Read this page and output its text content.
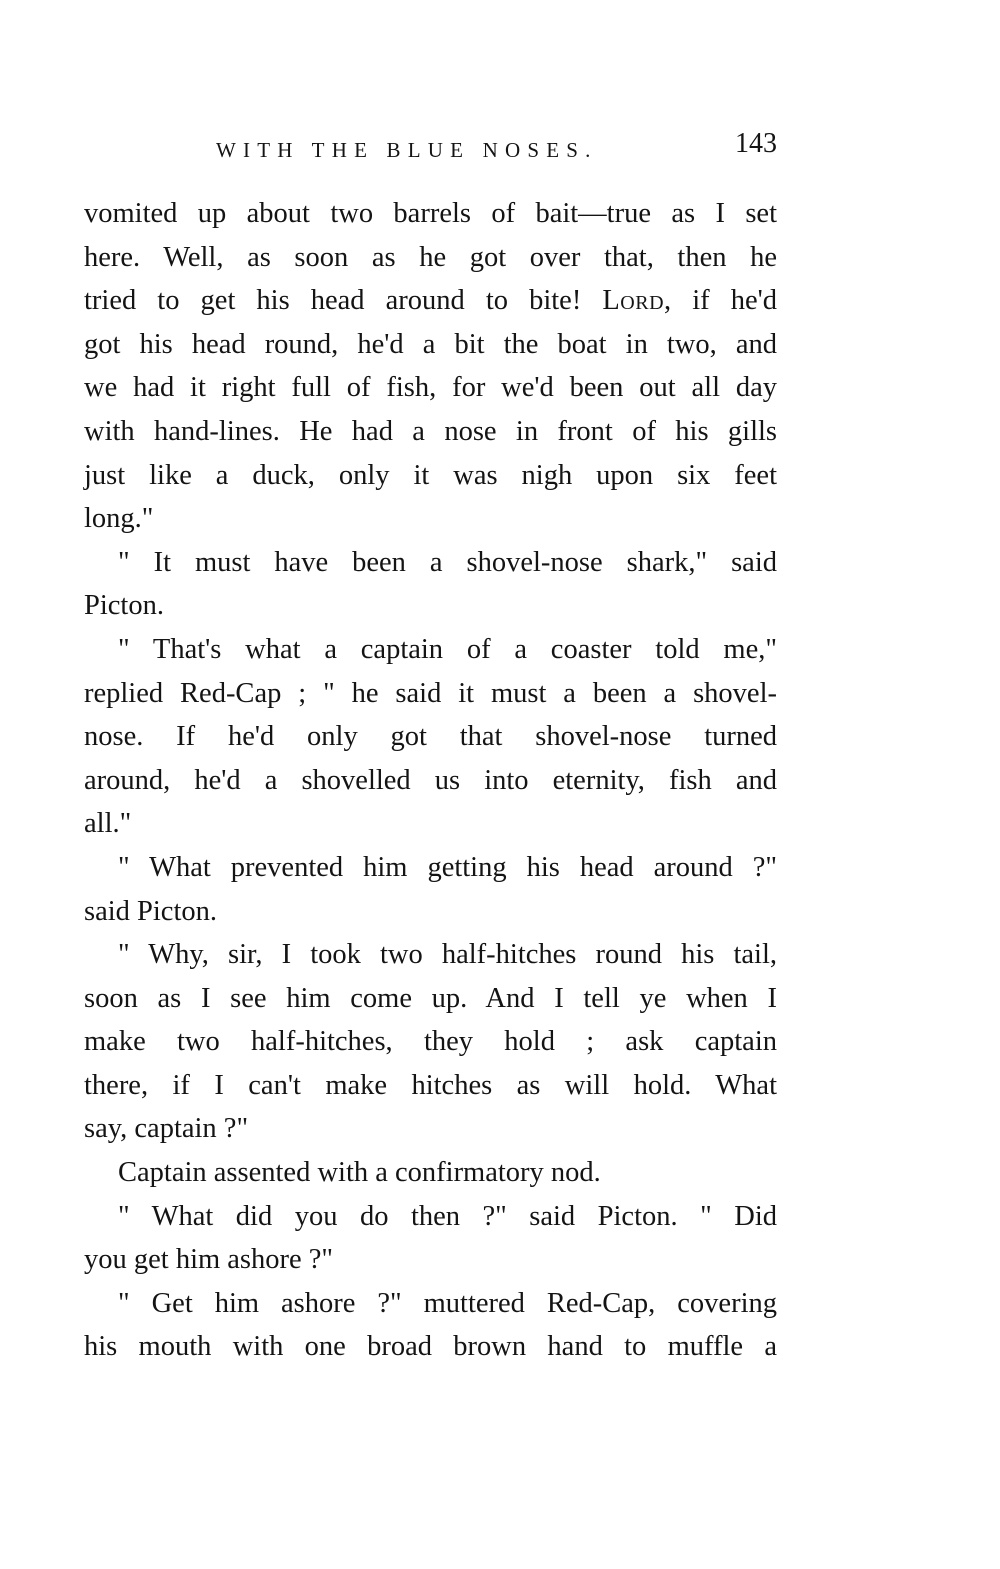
WITH THE BLUE NOSES.	143
vomited up about two barrels of bait—true as I set
here. Well, as soon as he got over that, then he
tried to get his head around to bite! Lord, if he'd
got his head round, he'd a bit the boat in two, and
we had it right full of fish, for we'd been out all day
with hand-lines. He had a nose in front of his gills
just like a duck, only it was nigh upon six feet
long."
" It must have been a shovel-nose shark," said
Picton.
" That's what a captain of a coaster told me,"
replied Red-Cap ; " he said it must a been a shovel-
nose. If he'd only got that shovel-nose turned
around, he'd a shovelled us into eternity, fish and
all."
" What prevented him getting his head around ?"
said Picton.
" Why, sir, I took two half-hitches round his tail,
soon as I see him come up. And I tell ye when I
make two half-hitches, they hold ; ask captain
there, if I can't make hitches as will hold. What
say, captain ?"
Captain assented with a confirmatory nod.
" What did you do then ?" said Picton. " Did
you get him ashore ?"
" Get him ashore ?" muttered Red-Cap, covering
his mouth with one broad brown hand to muffle a
